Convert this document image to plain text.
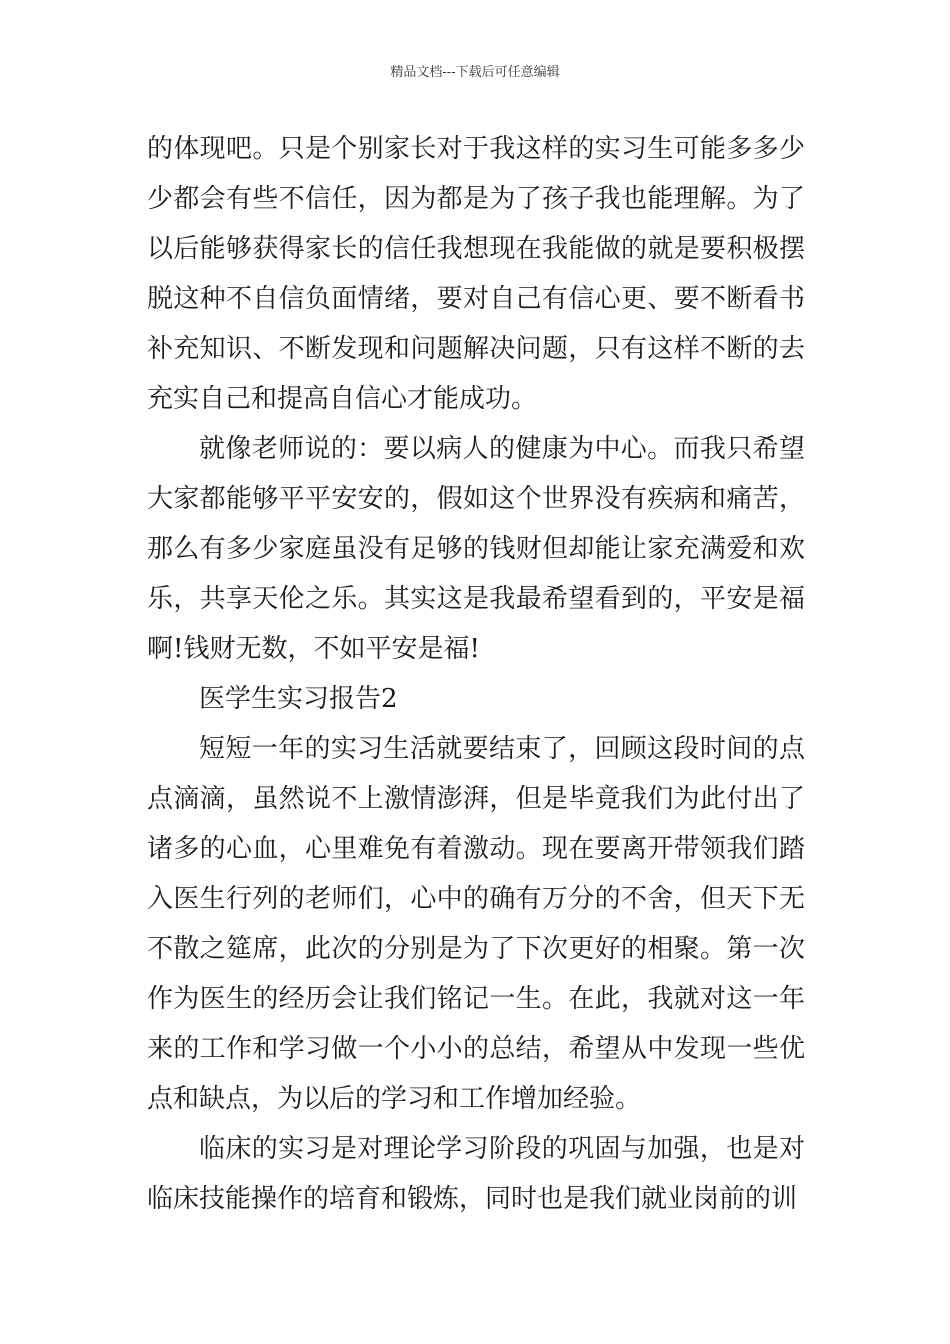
精品文档---下载后可任意编辑

的体现吧。只是个别家长对于我这样的实习生可能多多少少都会有些不信任，因为都是为了孩子我也能理解。为了以后能够获得家长的信任我想现在我能做的就是要积极摆脱这种不自信负面情绪，要对自己有信心更、要不断看书补充知识、不断发现和问题解决问题，只有这样不断的去充实自己和提高自信心才能成功。

就像老师说的：要以病人的健康为中心。而我只希望大家都能够平平安安的，假如这个世界没有疾病和痛苦，那么有多少家庭虽没有足够的钱财但却能让家充满爱和欢乐，共享天伦之乐。其实这是我最希望看到的，平安是福啊!钱财无数，不如平安是福!

医学生实习报告2

短短一年的实习生活就要结束了，回顾这段时间的点点滴滴，虽然说不上激情澎湃，但是毕竟我们为此付出了诸多的心血，心里难免有着激动。现在要离开带领我们踏入医生行列的老师们，心中的确有万分的不舍，但天下无不散之筵席，此次的分别是为了下次更好的相聚。第一次作为医生的经历会让我们铭记一生。在此，我就对这一年来的工作和学习做一个小小的总结，希望从中发现一些优点和缺点，为以后的学习和工作增加经验。

临床的实习是对理论学习阶段的巩固与加强，也是对临床技能操作的培育和锻炼，同时也是我们就业岗前的训
